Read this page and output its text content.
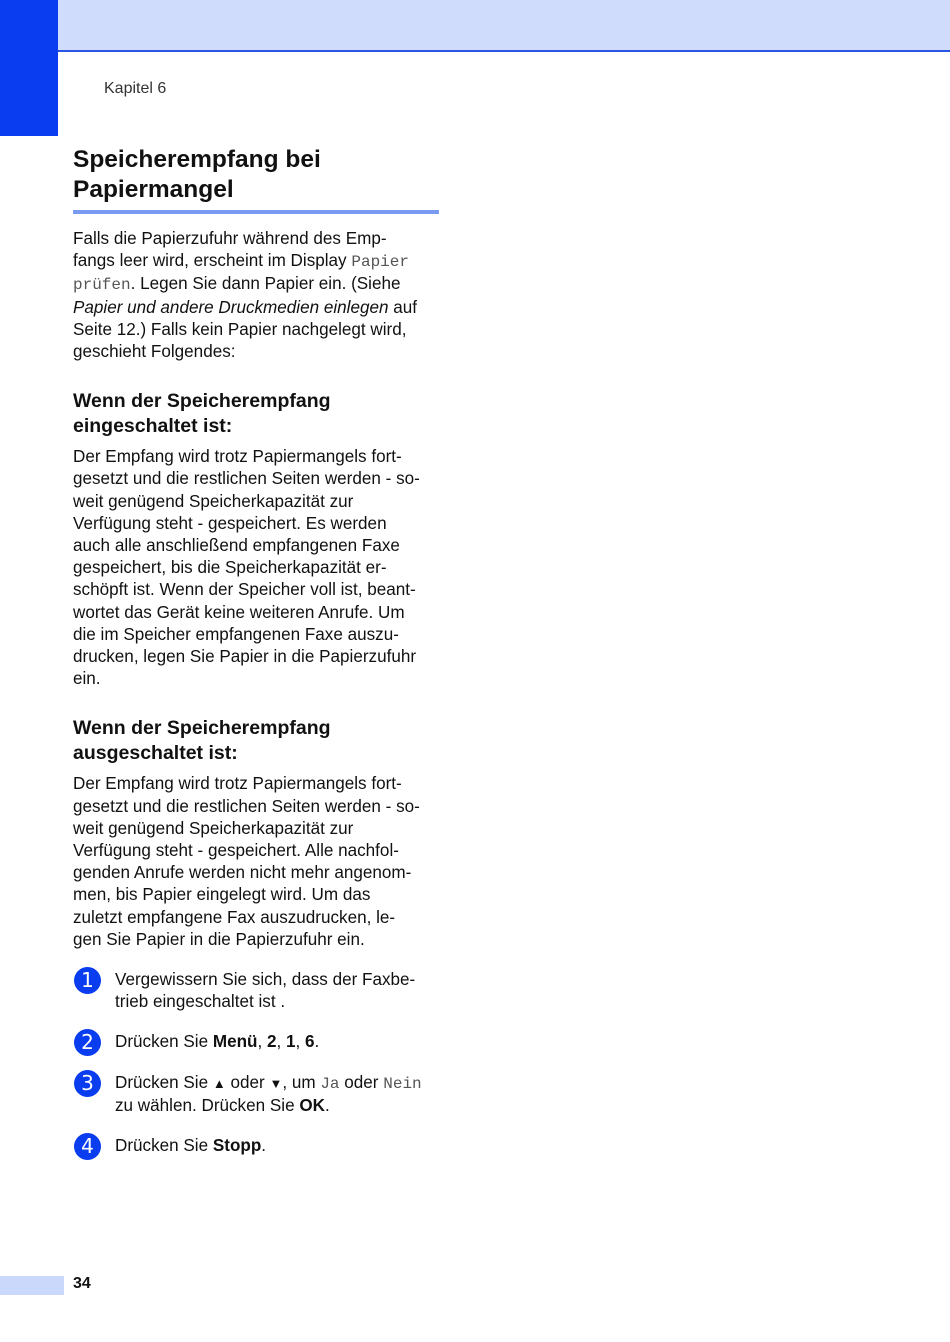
Kapitel 6
Speicherempfang bei
Papiermangel

Falls die Papierzufuhr während des Emp-
fangs leer wird, erscheint im Display Papier
prüfen. Legen Sie dann Papier ein. (Siehe
Papier und andere Druckmedien einlegen auf
Seite 12.) Falls kein Papier nachgelegt wird,
geschieht Folgendes:

Wenn der Speicherempfang
eingeschaltet ist:

Der Empfang wird trotz Papiermangels fort-
gesetzt und die restlichen Seiten werden - so-
weit genügend Speicherkapazität zur
Verfügung steht - gespeichert. Es werden
auch alle anschließend empfangenen Faxe
gespeichert, bis die Speicherkapazität er-
schöpft ist. Wenn der Speicher voll ist, beant-
wortet das Gerät keine weiteren Anrufe. Um
die im Speicher empfangenen Faxe auszu-
drucken, legen Sie Papier in die Papierzufuhr
ein.

Wenn der Speicherempfang
ausgeschaltet ist:

Der Empfang wird trotz Papiermangels fort-
gesetzt und die restlichen Seiten werden - so-
weit genügend Speicherkapazität zur
Verfügung steht - gespeichert. Alle nachfol-
genden Anrufe werden nicht mehr angenom-
men, bis Papier eingelegt wird. Um das
zuletzt empfangene Fax auszudrucken, le-
gen Sie Papier in die Papierzufuhr ein.

1	Vergewissern Sie sich, dass der Faxbe-
trieb eingeschaltet ist .
2	Drücken Sie Menü, 2, 1, 6.
3	Drücken Sie ▲ oder ▼, um Ja oder Nein
zu wählen. Drücken Sie OK.
4	Drücken Sie Stopp.
34
